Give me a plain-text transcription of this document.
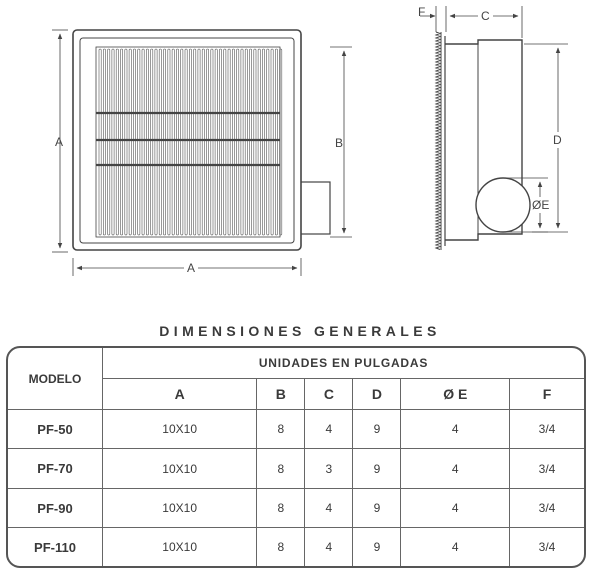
A
A
B
F	C
D
ØE
DIMENSIONES GENERALES
MODELO	UNIDADES EN PULGADAS					
	A	B	C	D	Ø E	F
PF-50	10X10	8	4	9	4	3/4
PF-70	10X10	8	3	9	4	3/4
PF-90	10X10	8	4	9	4	3/4
PF-110	10X10	8	4	9	4	3/4
